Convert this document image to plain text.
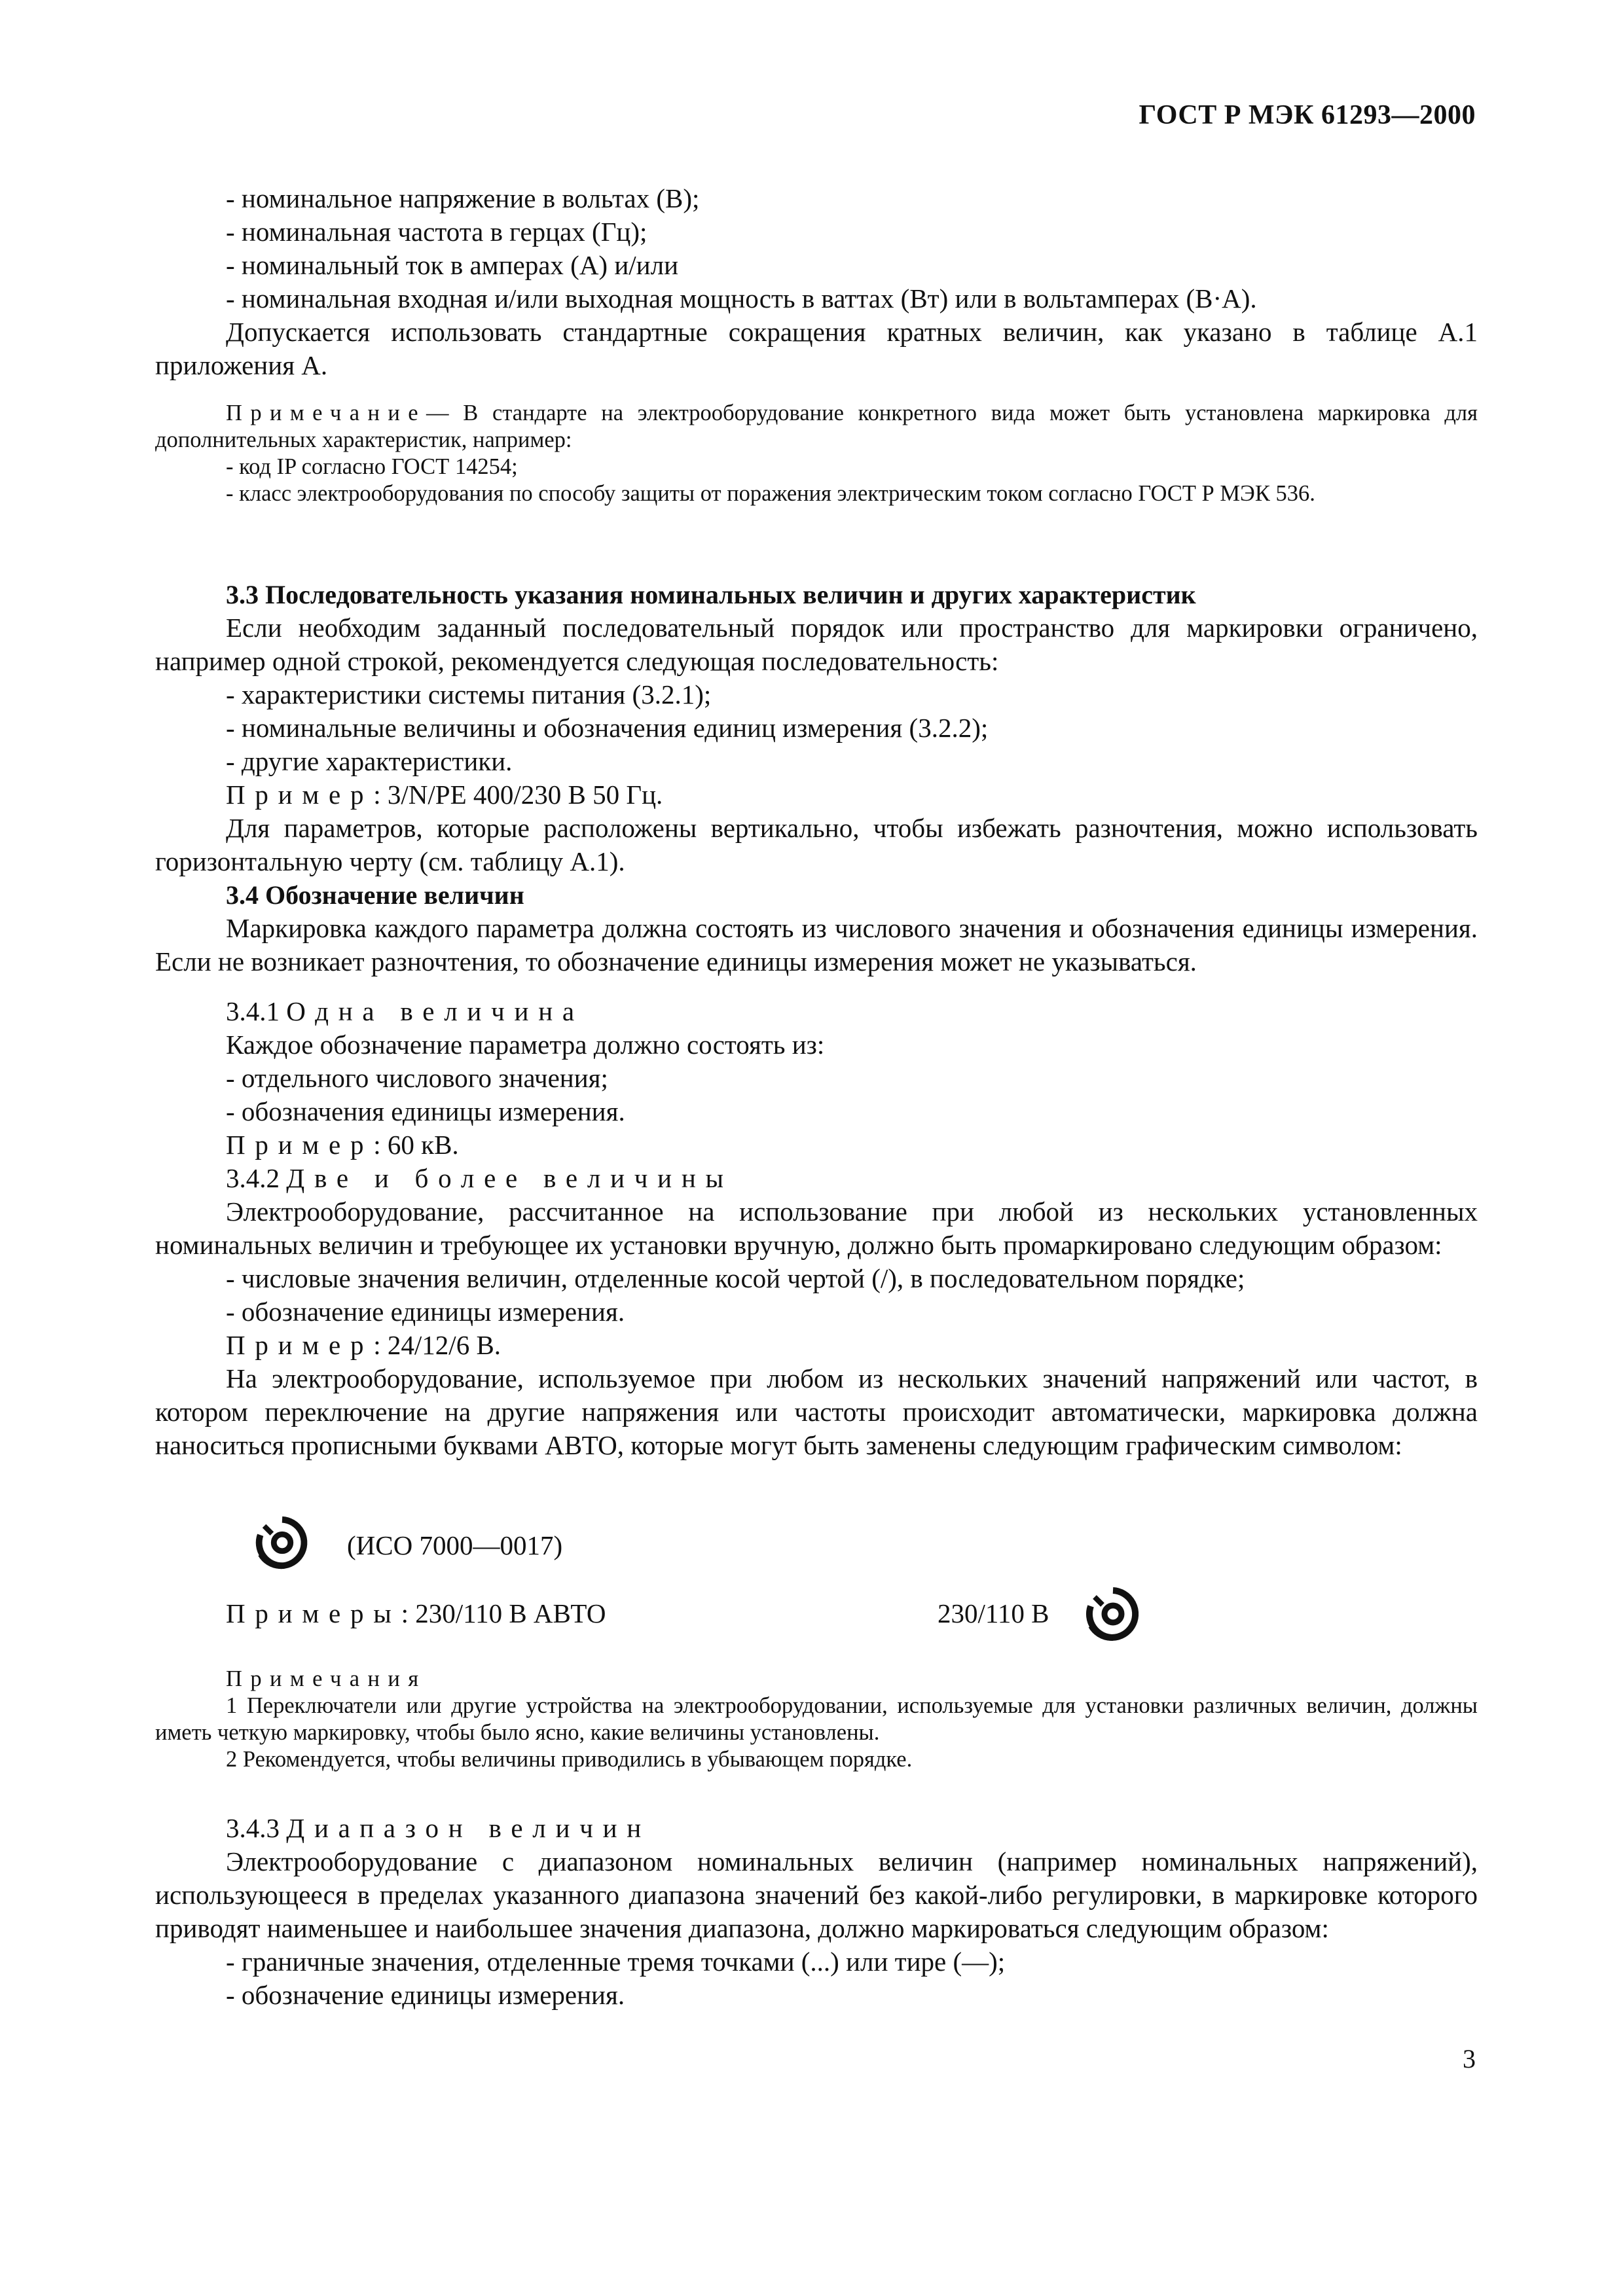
ГОСТ Р МЭК 61293—2000

- номинальное напряжение в вольтах (В);

- номинальная частота в герцах (Гц);

- номинальный ток в амперах (А) и/или

- номинальная входная и/или выходная мощность в ваттах (Вт) или в вольтамперах (В·А).

Допускается использовать стандартные сокращения кратных величин, как указано в таблице А.1 приложения А.

Примечание— В стандарте на электрооборудование конкретного вида может быть установлена маркировка для дополнительных характеристик, например:

- код IP согласно ГОСТ 14254;

- класс электрооборудования по способу защиты от поражения электрическим током согласно ГОСТ Р МЭК 536.

3.3 Последовательность указания номинальных величин и других характеристик

Если необходим заданный последовательный порядок или пространство для маркировки ограничено, например одной строкой, рекомендуется следующая последовательность:

- характеристики системы питания (3.2.1);

- номинальные величины и обозначения единиц измерения (3.2.2);

- другие характеристики.

Пример: 3/N/PE 400/230 В 50 Гц.

Для параметров, которые расположены вертикально, чтобы избежать разночтения, можно использовать горизонтальную черту (см. таблицу А.1).

3.4 Обозначение величин

Маркировка каждого параметра должна состоять из числового значения и обозначения единицы измерения. Если не возникает разночтения, то обозначение единицы измерения может не указываться.

3.4.1 Одна величина

Каждое обозначение параметра должно состоять из:

- отдельного числового значения;

- обозначения единицы измерения.

Пример: 60 кВ.

3.4.2 Две и более величины

Электрооборудование, рассчитанное на использование при любой из нескольких установленных номинальных величин и требующее их установки вручную, должно быть промаркировано следующим образом:

- числовые значения величин, отделенные косой чертой (/), в последовательном порядке;

- обозначение единицы измерения.

Пример: 24/12/6 В.

На электрооборудование, используемое при любом из нескольких значений напряжений или частот, в котором переключение на другие напряжения или частоты происходит автоматически, маркировка должна наноситься прописными буквами АВТО, которые могут быть заменены следующим графическим символом:

(ИСО 7000—0017)
Примеры: 230/110 В АВТО	230/110 В

Примечания

1 Переключатели или другие устройства на электрооборудовании, используемые для установки различных величин, должны иметь четкую маркировку, чтобы было ясно, какие величины установлены.

2 Рекомендуется, чтобы величины приводились в убывающем порядке.

3.4.3 Диапазон величин

Электрооборудование с диапазоном номинальных величин (например номинальных напряжений), использующееся в пределах указанного диапазона значений без какой-либо регулировки, в маркировке которого приводят наименьшее и наибольшее значения диапазона, должно маркироваться следующим образом:

- граничные значения, отделенные тремя точками (...) или тире (—);

- обозначение единицы измерения.

3
